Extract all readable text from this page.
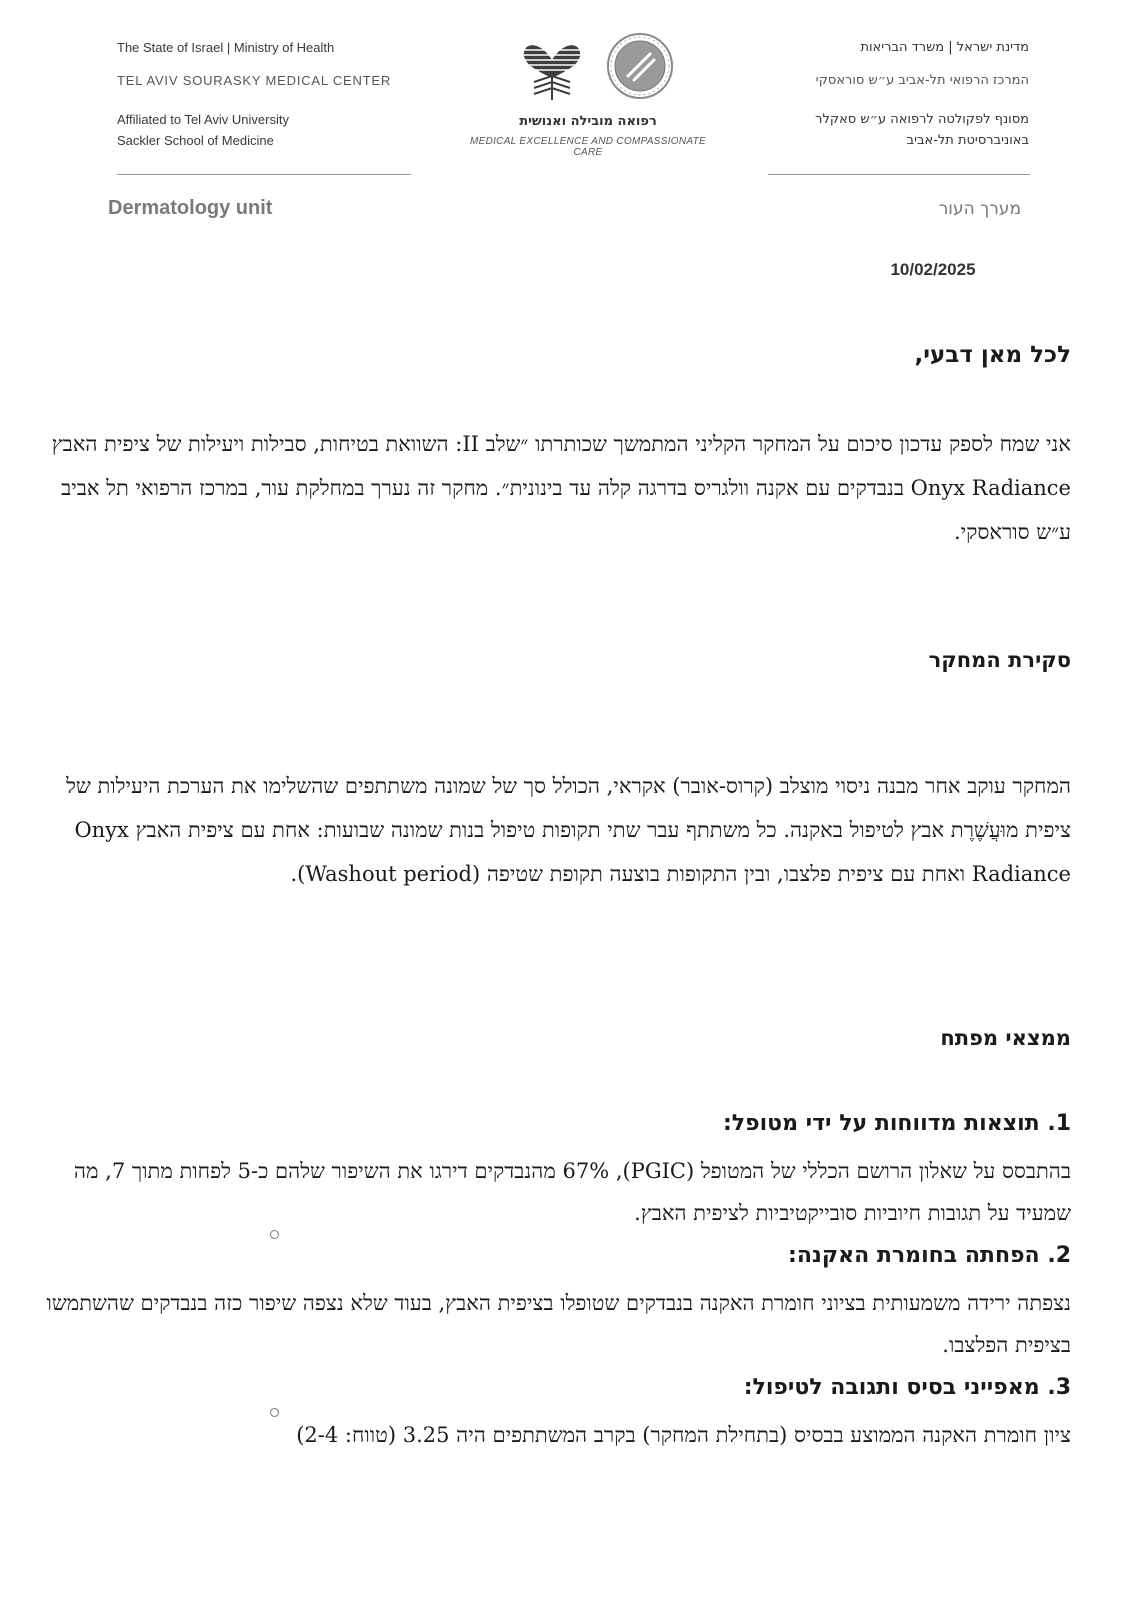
The State of Israel | Ministry of Health
TEL AVIV SOURASKY MEDICAL CENTER
Affiliated to Tel Aviv University
Sackler School of Medicine
Dermatology unit
רפואה מובילה ואנושית
MEDICAL EXCELLENCE AND COMPASSIONATE CARE
מדינת ישראל | משרד הבריאות
המרכז הרפואי תל-אביב ע״ש סוראסקי
מסונף לפקולטה לרפואה ע״ש סאקלר
באוניברסיטת תל-אביב
מערך העור
10/02/2025
לכל מאן דבעי,
אני שמח לספק עדכון סיכום על המחקר הקליני המתמשך שכותרתו ״שלב II: השוואת בטיחות, סבילות ויעילות של ציפית האבץ Onyx Radiance בנבדקים עם אקנה וולגריס בדרגה קלה עד בינונית״. מחקר זה נערך במחלקת עור, במרכז הרפואי תל אביב ע״ש סוראסקי.
סקירת המחקר
המחקר עוקב אחר מבנה ניסוי מוצלב (קרוס-אובר) אקראי, הכולל סך של שמונה משתתפים שהשלימו את הערכת היעילות של ציפית מוּעֲשֶׁרֶת אבץ לטיפול באקנה. כל משתתף עבר שתי תקופות טיפול בנות שמונה שבועות: אחת עם ציפית האבץ Onyx Radiance ואחת עם ציפית פלצבו, ובין התקופות בוצעה תקופת שטיפה (Washout period).
ממצאי מפתח
1. תוצאות מדווחות על ידי מטופל:
בהתבסס על שאלון הרושם הכללי של המטופל (PGIC), 67% מהנבדקים דירגו את השיפור שלהם כ-5 לפחות מתוך 7, מה שמעיד על תגובות חיוביות סובייקטיביות לציפית האבץ.
2. הפחתה בחומרת האקנה:
נצפתה ירידה משמעותית בציוני חומרת האקנה בנבדקים שטופלו בציפית האבץ, בעוד שלא נצפה שיפור כזה בנבדקים שהשתמשו בציפית הפלצבו.
3. מאפייני בסיס ותגובה לטיפול:
ציון חומרת האקנה הממוצע בבסיס (בתחילת המחקר) בקרב המשתתפים היה 3.25 (טווח: 2-4)
